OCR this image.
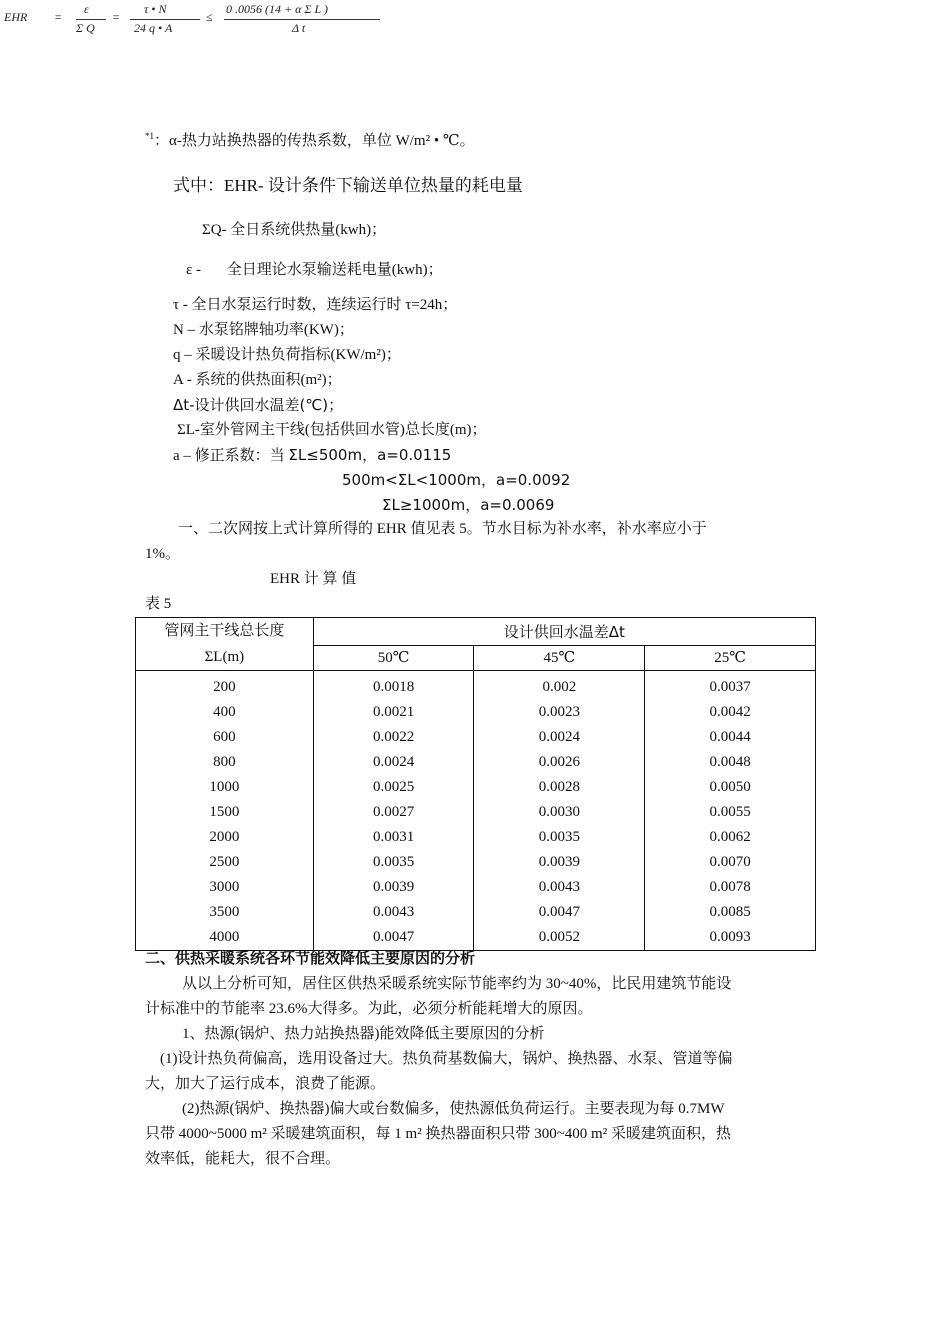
EHR =
ε
Σ Q
=
τ • N
24 q • A
≤
0 .0056 (14 + α Σ L )
Δ t
$^{*1}$：α-热力站换热器的传热系数，单位 W/m² • ℃。
式中：EHR- 设计条件下输送单位热量的耗电量
ΣQ- 全日系统供热量(kwh)；
ε - 全日理论水泵输送耗电量(kwh)；
τ - 全日水泵运行时数，连续运行时 τ=24h；
N – 水泵铭牌轴功率(KW)；
q – 采暖设计热负荷指标(KW/m²)；
A - 系统的供热面积(m²)；
Δt-设计供回水温差(℃)；
ΣL-室外管网主干线(包括供回水管)总长度(m)；
a – 修正系数：当 ΣL≤500m，a=0.0115
500m<ΣL<1000m，a=0.0092
ΣL≥1000m，a=0.0069
一、二次网按上式计算所得的 EHR 值见表 5。节水目标为补水率，补水率应小于
1%。
EHR 计 算 值
表 5
管网主干线总长度
ΣL(m)	设计供回水温差Δt		
	50℃	45℃	25℃
200	0.0018	0.002	0.0037
400	0.0021	0.0023	0.0042
600	0.0022	0.0024	0.0044
800	0.0024	0.0026	0.0048
1000	0.0025	0.0028	0.0050
1500	0.0027	0.0030	0.0055
2000	0.0031	0.0035	0.0062
2500	0.0035	0.0039	0.0070
3000	0.0039	0.0043	0.0078
3500	0.0043	0.0047	0.0085
4000	0.0047	0.0052	0.0093
二、供热采暖系统各环节能效降低主要原因的分析
从以上分析可知，居住区供热采暖系统实际节能率约为 30~40%，比民用建筑节能设
计标准中的节能率 23.6%大得多。为此，必须分析能耗增大的原因。
1、热源(锅炉、热力站换热器)能效降低主要原因的分析
(1)设计热负荷偏高，选用设备过大。热负荷基数偏大，锅炉、换热器、水泵、管道等偏
大，加大了运行成本，浪费了能源。
(2)热源(锅炉、换热器)偏大或台数偏多，使热源低负荷运行。主要表现为每 0.7MW
只带 4000~5000 m² 采暖建筑面积，每 1 m² 换热器面积只带 300~400 m² 采暖建筑面积，热
效率低，能耗大，很不合理。
